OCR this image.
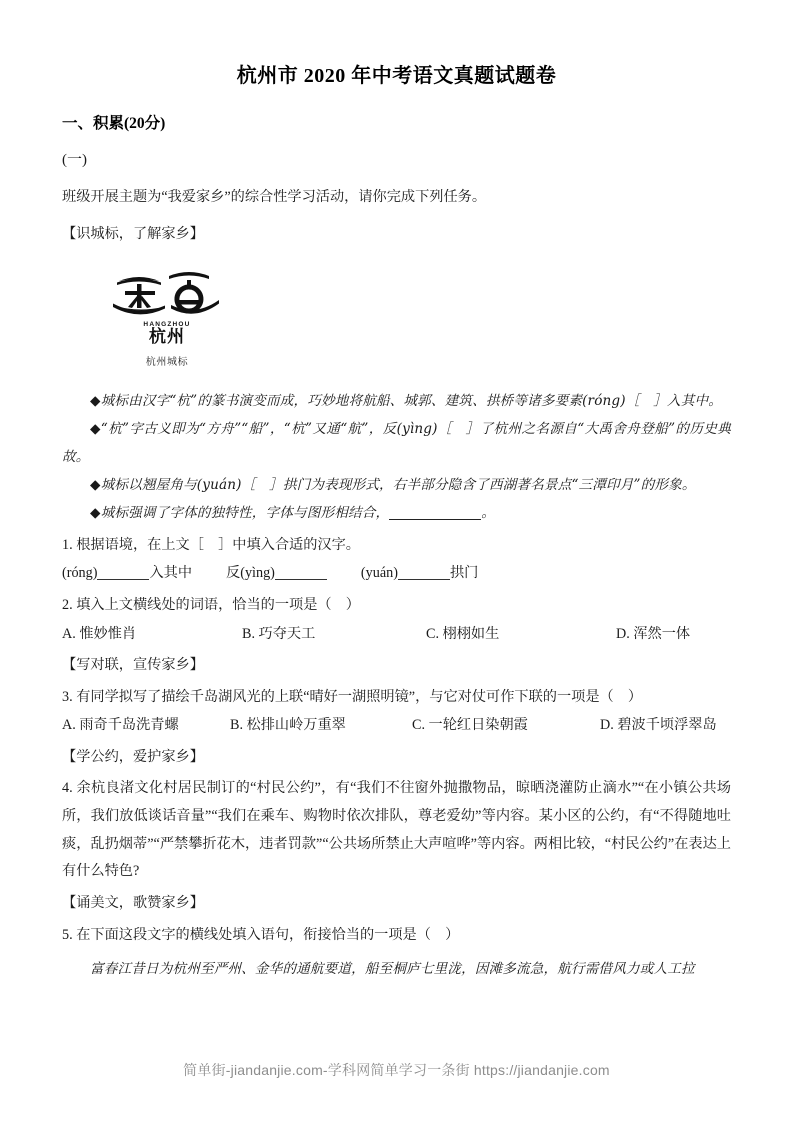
杭州市 2020 年中考语文真题试题卷
一、积累(20分)
(一)
班级开展主题为“我爱家乡”的综合性学习活动，请你完成下列任务。
【识城标，了解家乡】
HANGZHOU
杭州
杭州城标

◆城标由汉字“杭”的篆书演变而成，巧妙地将航船、城郭、建筑、拱桥等诸多要素(róng)［　］入其中。

◆“杭”字古义即为“方舟”“船”，“杭”又通“航”，反(yìng)［　］了杭州之名源自“大禹舍舟登船”的历史典故。

◆城标以翘屋角与(yuán)［　］拱门为表现形式，右半部分隐含了西湖著名景点“三潭印月”的形象。

◆城标强调了字体的独特性，字体与图形相结合，	。

1. 根据语境，在上文［　］中填入合适的汉字。

(róng)	入其中 反(yìng)	(yuán)	拱门

2. 填入上文横线处的词语，恰当的一项是（　）

A. 惟妙惟肖	B. 巧夺天工	C. 栩栩如生	D. 浑然一体

【写对联，宣传家乡】

3. 有同学拟写了描绘千岛湖风光的上联“晴好一湖照明镜”，与它对仗可作下联的一项是（　）

A. 雨奇千岛洗青螺	B. 松排山岭万重翠	C. 一轮红日染朝霞	D. 碧波千顷浮翠岛

【学公约，爱护家乡】

4. 余杭良渚文化村居民制订的“村民公约”，有“我们不往窗外抛撒物品，晾晒浇灌防止滴水”“在小镇公共场所，我们放低谈话音量”“我们在乘车、购物时依次排队，尊老爱幼”等内容。某小区的公约，有“不得随地吐痰，乱扔烟蒂”“严禁攀折花木，违者罚款”“公共场所禁止大声喧哗”等内容。两相比较，“村民公约”在表达上有什么特色?

【诵美文，歌赞家乡】

5. 在下面这段文字的横线处填入语句，衔接恰当的一项是（　）

富春江昔日为杭州至严州、金华的通航要道，船至桐庐七里泷，因滩多流急，航行需借风力或人工拉

简单街-jiandanjie.com-学科网简单学习一条街 https://jiandanjie.com
